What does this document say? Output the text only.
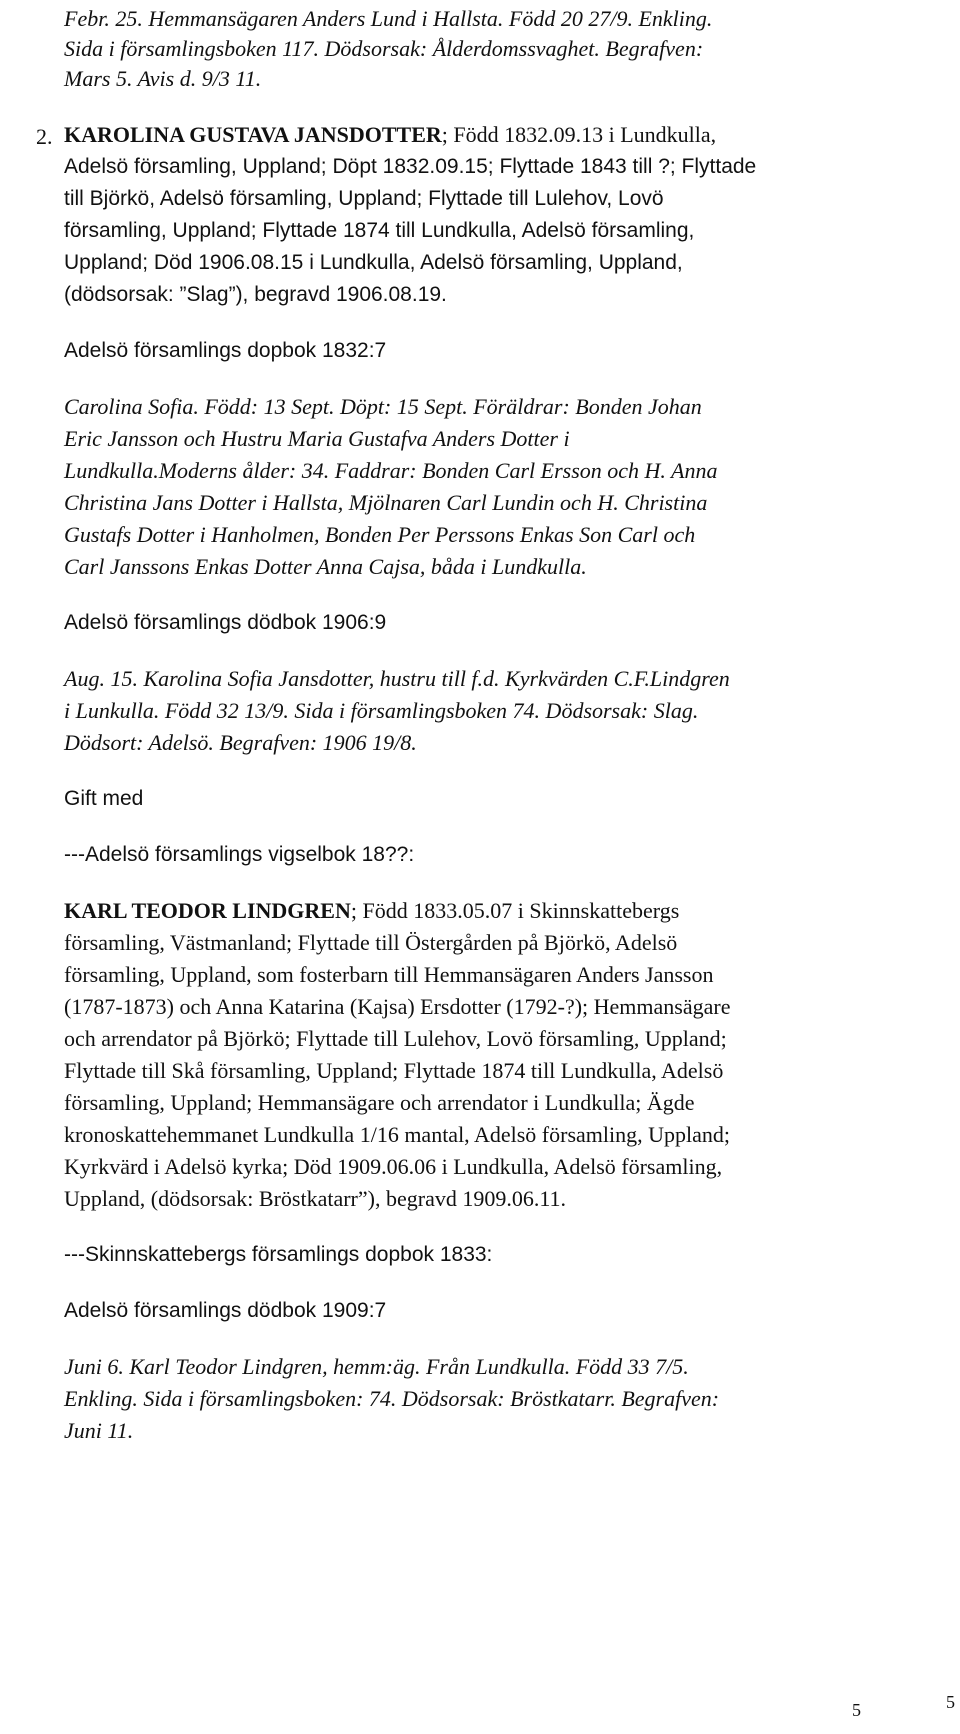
Febr. 25. Hemmansägaren Anders Lund i Hallsta. Född 20 27/9. Enkling.
Sida i församlingsboken 117. Dödsorsak: Ålderdomssvaghet. Begrafven:
Mars 5. Avis d. 9/3 11.
2. KAROLINA GUSTAVA JANSDOTTER; Född 1832.09.13 i Lundkulla,
Adelsö församling, Uppland; Döpt 1832.09.15; Flyttade 1843 till ?; Flyttade
till Björkö, Adelsö församling, Uppland; Flyttade till Lulehov, Lovö
församling, Uppland; Flyttade 1874 till Lundkulla, Adelsö församling,
Uppland; Död 1906.08.15 i Lundkulla, Adelsö församling, Uppland,
(dödsorsak: ”Slag”), begravd 1906.08.19.
Adelsö församlings dopbok 1832:7
Carolina Sofia. Född: 13 Sept. Döpt: 15 Sept. Föräldrar: Bonden Johan
Eric Jansson och Hustru Maria Gustafva Anders Dotter i
Lundkulla.Moderns ålder: 34. Faddrar: Bonden Carl Ersson och H. Anna
Christina Jans Dotter i Hallsta, Mjölnaren Carl Lundin och H. Christina
Gustafs Dotter i Hanholmen, Bonden Per Perssons Enkas Son Carl och
Carl Janssons Enkas Dotter Anna Cajsa, båda i Lundkulla.
Adelsö församlings dödbok 1906:9
Aug. 15. Karolina Sofia Jansdotter, hustru till f.d. Kyrkvärden C.F.Lindgren
i Lunkulla. Född 32 13/9. Sida i församlingsboken 74. Dödsorsak: Slag.
Dödsort: Adelsö. Begrafven: 1906 19/8.
Gift med
---Adelsö församlings vigselbok 18??:
KARL TEODOR LINDGREN; Född 1833.05.07 i Skinnskattebergs
församling, Västmanland; Flyttade till Östergården på Björkö, Adelsö
församling, Uppland, som fosterbarn till Hemmansägaren Anders Jansson
(1787-1873) och Anna Katarina (Kajsa) Ersdotter (1792-?); Hemmansägare
och arrendator på Björkö; Flyttade till Lulehov, Lovö församling, Uppland;
Flyttade till Skå församling, Uppland; Flyttade 1874 till Lundkulla, Adelsö
församling, Uppland; Hemmansägare och arrendator i Lundkulla; Ägde
kronoskattehemmanet Lundkulla 1/16 mantal, Adelsö församling, Uppland;
Kyrkvärd i Adelsö kyrka; Död 1909.06.06 i Lundkulla, Adelsö församling,
Uppland, (dödsorsak: Bröstkatarr”), begravd 1909.06.11.
---Skinnskattebergs församlings dopbok 1833:
Adelsö församlings dödbok 1909:7
Juni 6. Karl Teodor Lindgren, hemm:äg. Från Lundkulla. Född 33 7/5.
Enkling. Sida i församlingsboken: 74. Dödsorsak: Bröstkatarr. Begrafven:
Juni 11.
5	5
